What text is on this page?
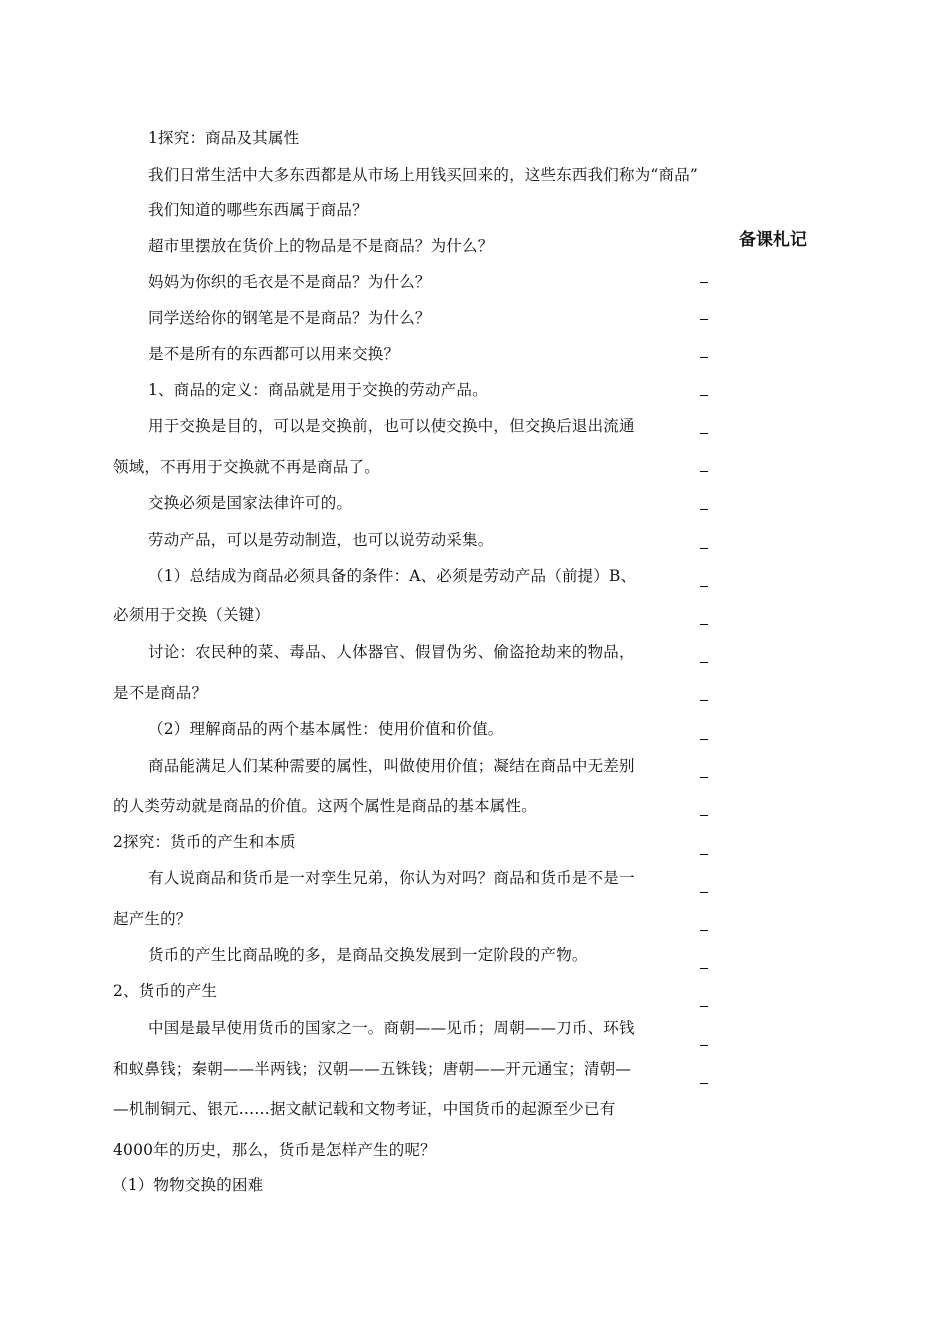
1探究：商品及其属性
我们日常生活中大多东西都是从市场上用钱买回来的，这些东西我们称为“商品”
我们知道的哪些东西属于商品？
超市里摆放在货价上的物品是不是商品？为什么？
妈妈为你织的毛衣是不是商品？为什么？
同学送给你的钢笔是不是商品？为什么？
是不是所有的东西都可以用来交换？
1、商品的定义：商品就是用于交换的劳动产品。
用于交换是目的，可以是交换前，也可以使交换中，但交换后退出流通
领域，不再用于交换就不再是商品了。
交换必须是国家法律许可的。
劳动产品，可以是劳动制造，也可以说劳动采集。
（1）总结成为商品必须具备的条件：A、必须是劳动产品（前提）B、
必须用于交换（关键）
讨论：农民种的菜、毒品、人体器官、假冒伪劣、偷盗抢劫来的物品，
是不是商品？
（2）理解商品的两个基本属性：使用价值和价值。
商品能满足人们某种需要的属性，叫做使用价值；凝结在商品中无差别
的人类劳动就是商品的价值。这两个属性是商品的基本属性。
2探究：货币的产生和本质
有人说商品和货币是一对孪生兄弟，你认为对吗？商品和货币是不是一
起产生的？
货币的产生比商品晚的多，是商品交换发展到一定阶段的产物。
2、货币的产生
中国是最早使用货币的国家之一。商朝——见币；周朝——刀币、环钱
和蚁鼻钱；秦朝——半两钱；汉朝——五铢钱；唐朝——开元通宝；清朝—
—机制铜元、银元……据文献记载和文物考证，中国货币的起源至少已有
4000年的历史，那么，货币是怎样产生的呢？
（1）物物交换的困难
备课札记
